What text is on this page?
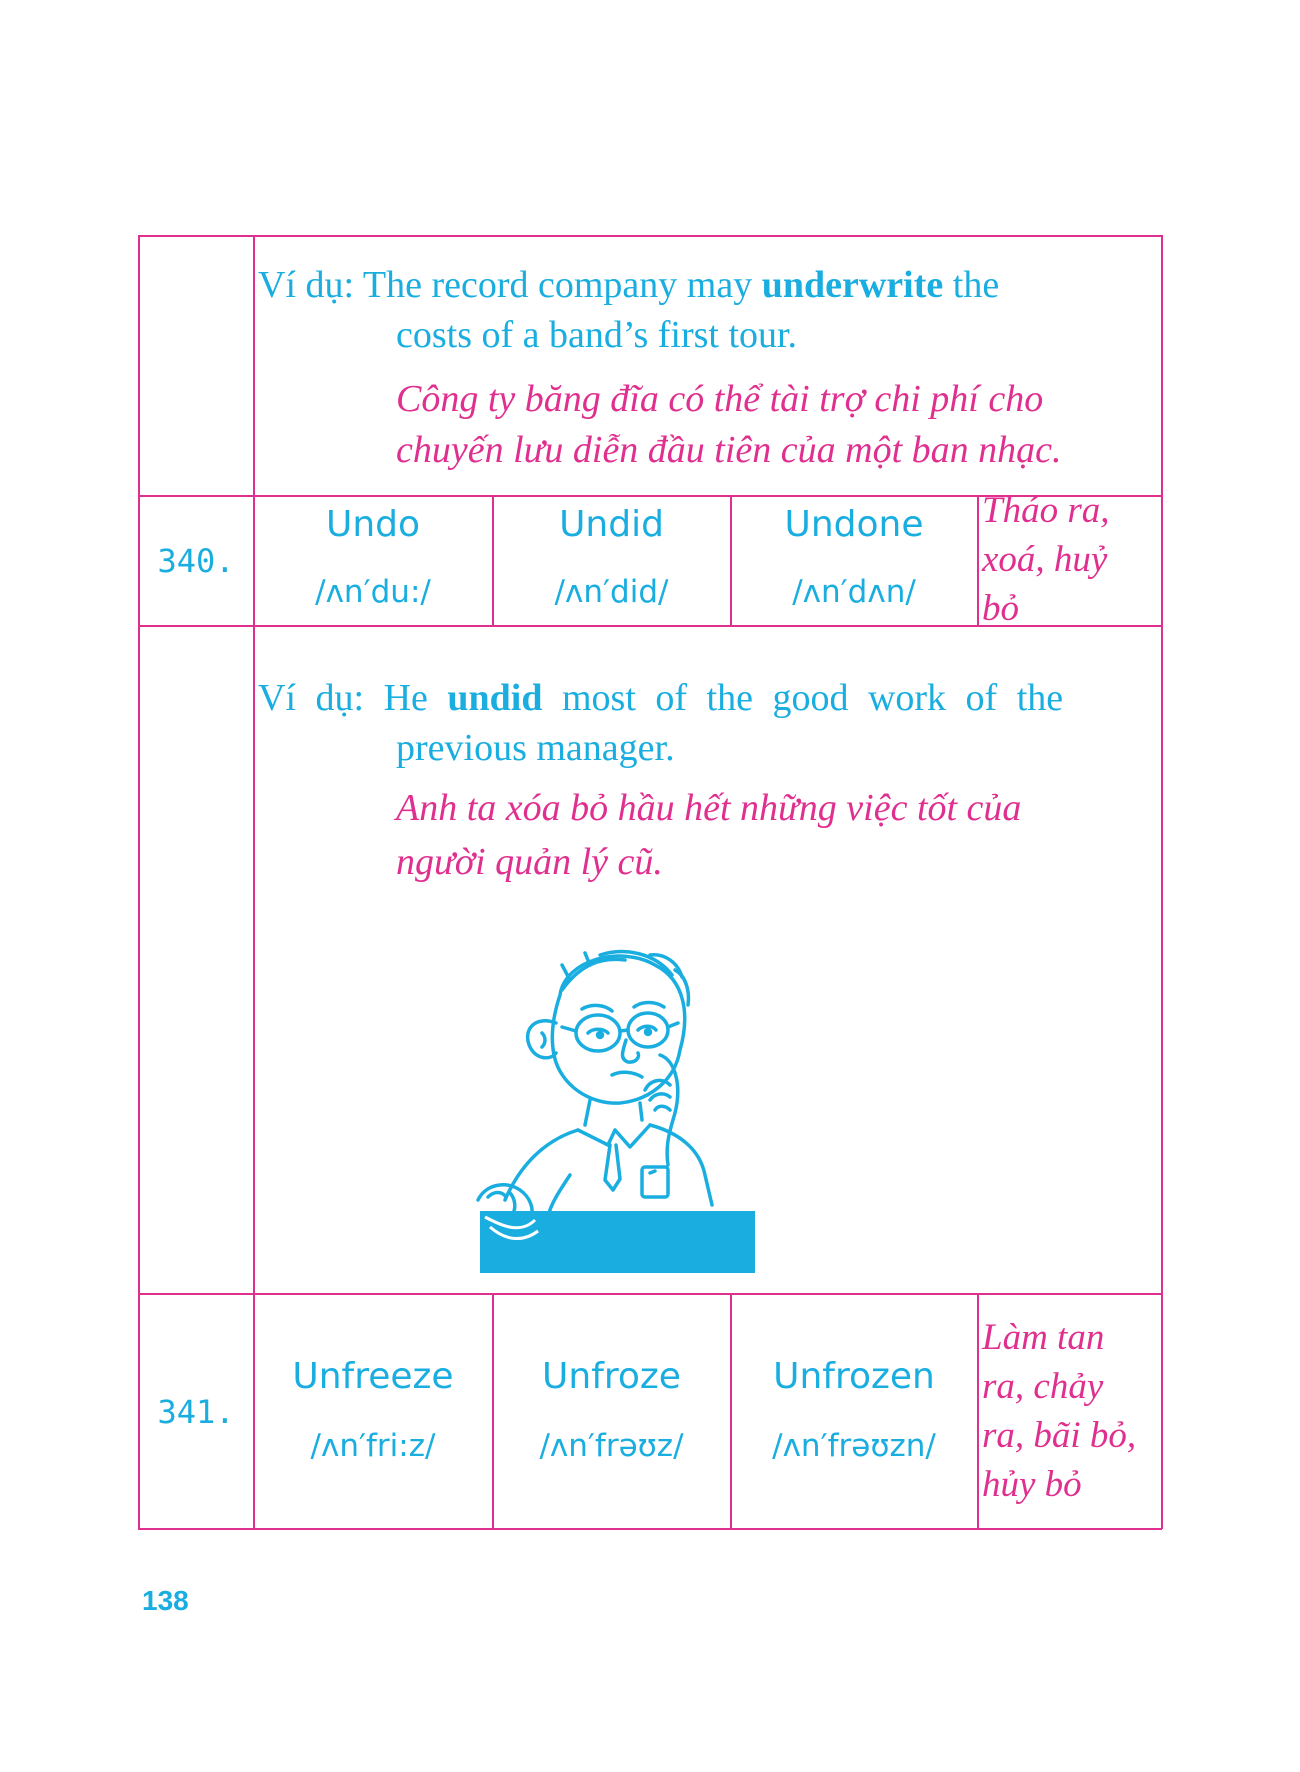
Ví dụ: The record company may underwrite the
costs of a band’s first tour.
Công ty băng đĩa có thể tài trợ chi phí cho
chuyến lưu diễn đầu tiên của một ban nhạc.
340.
Undo
/ʌn′du:/
Undid
/ʌn′did/
Undone
/ʌn′dʌn/
Tháo ra,
xoá, huỷ
bỏ
Ví dụ: He undid most of the good work of the
previous manager.
Anh ta xóa bỏ hầu hết những việc tốt của
người quản lý cũ.
341.
Unfreeze
/ʌn′fri:z/
Unfroze
/ʌn′frəʊz/
Unfrozen
/ʌn′frəʊzn/
Làm tan
ra, chảy
ra, bãi bỏ,
hủy bỏ
138
